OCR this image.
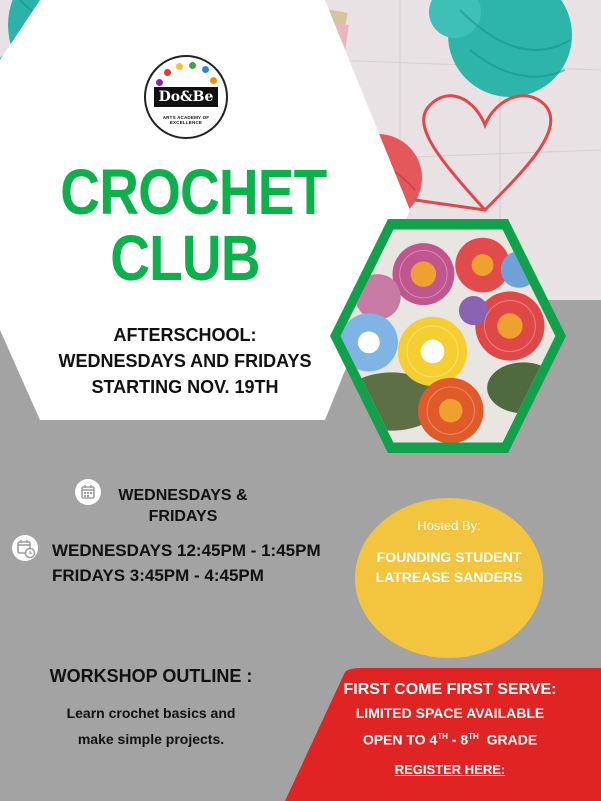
Do&Be
ARTS ACADEMY OF EXCELLENCE
CROCHET
CLUB
AFTERSCHOOL:
WEDNESDAYS AND FRIDAYS
STARTING NOV. 19TH
WEDNESDAYS &
FRIDAYS
WEDNESDAYS 12:45PM - 1:45PM
FRIDAYS 3:45PM - 4:45PM
Hosted By:
FOUNDING STUDENT
LATREASE SANDERS
WORKSHOP OUTLINE :
Learn crochet basics and
make simple projects.
FIRST COME FIRST SERVE:
LIMITED SPACE AVAILABLE
OPEN TO 4TH - 8TH  GRADE
REGISTER HERE:
